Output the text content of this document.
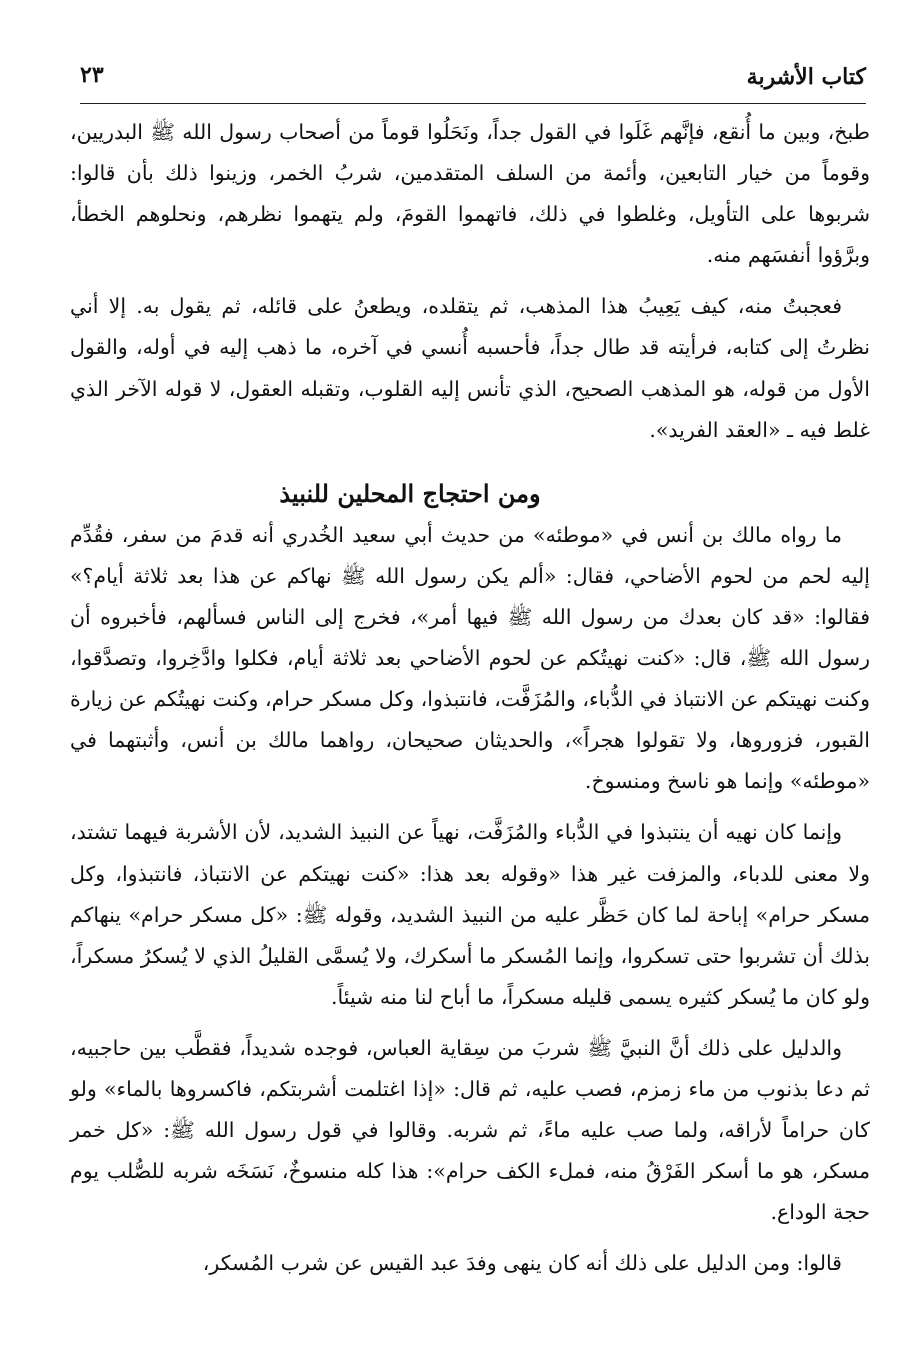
كتاب الأشربة
٢٣

طبخ، وبين ما أُنقع، فإنَّهم غَلَوا في القول جداً، ونَحَلُوا قوماً من أصحاب رسول الله ﷺ البدريين، وقوماً من خيار التابعين، وأئمة من السلف المتقدمين، شربُ الخمر، وزينوا ذلك بأن قالوا: شربوها على التأويل، وغلطوا في ذلك، فاتهموا القومَ، ولم يتهموا نظرهم، ونحلوهم الخطأ، وبرَّؤوا أنفسَهم منه.

فعجبتُ منه، كيف يَعِيبُ هذا المذهب، ثم يتقلده، ويطعنُ على قائله، ثم يقول به. إلا أني نظرتُ إلى كتابه، فرأيته قد طال جداً، فأحسبه أُنسي في آخره، ما ذهب إليه في أوله، والقول الأول من قوله، هو المذهب الصحيح، الذي تأنس إليه القلوب، وتقبله العقول، لا قوله الآخر الذي غلط فيه ـ «العقد الفريد».

ومن احتجاج المحلين للنبيذ

ما رواه مالك بن أنس في «موطئه» من حديث أبي سعيد الخُدري أنه قدمَ من سفر، فقُدِّم إليه لحم من لحوم الأضاحي، فقال: «ألم يكن رسول الله ﷺ نهاكم عن هذا بعد ثلاثة أيام؟» فقالوا: «قد كان بعدك من رسول الله ﷺ فيها أمر»، فخرج إلى الناس فسألهم، فأخبروه أن رسول الله ﷺ، قال: «كنت نهيتُكم عن لحوم الأضاحي بعد ثلاثة أيام، فكلوا وادَّخِروا، وتصدَّقوا، وكنت نهيتكم عن الانتباذ في الدُّباء، والمُزَفَّت، فانتبذوا، وكل مسكر حرام، وكنت نهيتُكم عن زيارة القبور، فزوروها، ولا تقولوا هجراً»، والحديثان صحيحان، رواهما مالك بن أنس، وأثبتهما في «موطئه» وإنما هو ناسخ ومنسوخ.

وإنما كان نهيه أن ينتبذوا في الدُّباء والمُزَفَّت، نهياً عن النبيذ الشديد، لأن الأشربة فيهما تشتد، ولا معنى للدباء، والمزفت غير هذا «وقوله بعد هذا: «كنت نهيتكم عن الانتباذ، فانتبذوا، وكل مسكر حرام» إباحة لما كان حَظَّر عليه من النبيذ الشديد، وقوله ﷺ: «كل مسكر حرام» ينهاكم بذلك أن تشربوا حتى تسكروا، وإنما المُسكر ما أسكرك، ولا يُسمَّى القليلُ الذي لا يُسكرُ مسكراً، ولو كان ما يُسكر كثيره يسمى قليله مسكراً، ما أباح لنا منه شيئاً.

والدليل على ذلك أنَّ النبيَّ ﷺ شربَ من سِقاية العباس، فوجده شديداً، فقطَّب بين حاجبيه، ثم دعا بذنوب من ماء زمزم، فصب عليه، ثم قال: «إذا اغتلمت أشربتكم، فاكسروها بالماء» ولو كان حراماً لأراقه، ولما صب عليه ماءً، ثم شربه. وقالوا في قول رسول الله ﷺ: «كل خمر مسكر، هو ما أسكر الفَرْقُ منه، فملء الكف حرام»: هذا كله منسوخٌ، نَسَخَه شربه للصُّلب يوم حجة الوداع.

قالوا: ومن الدليل على ذلك أنه كان ينهى وفدَ عبد القيس عن شرب المُسكر،
